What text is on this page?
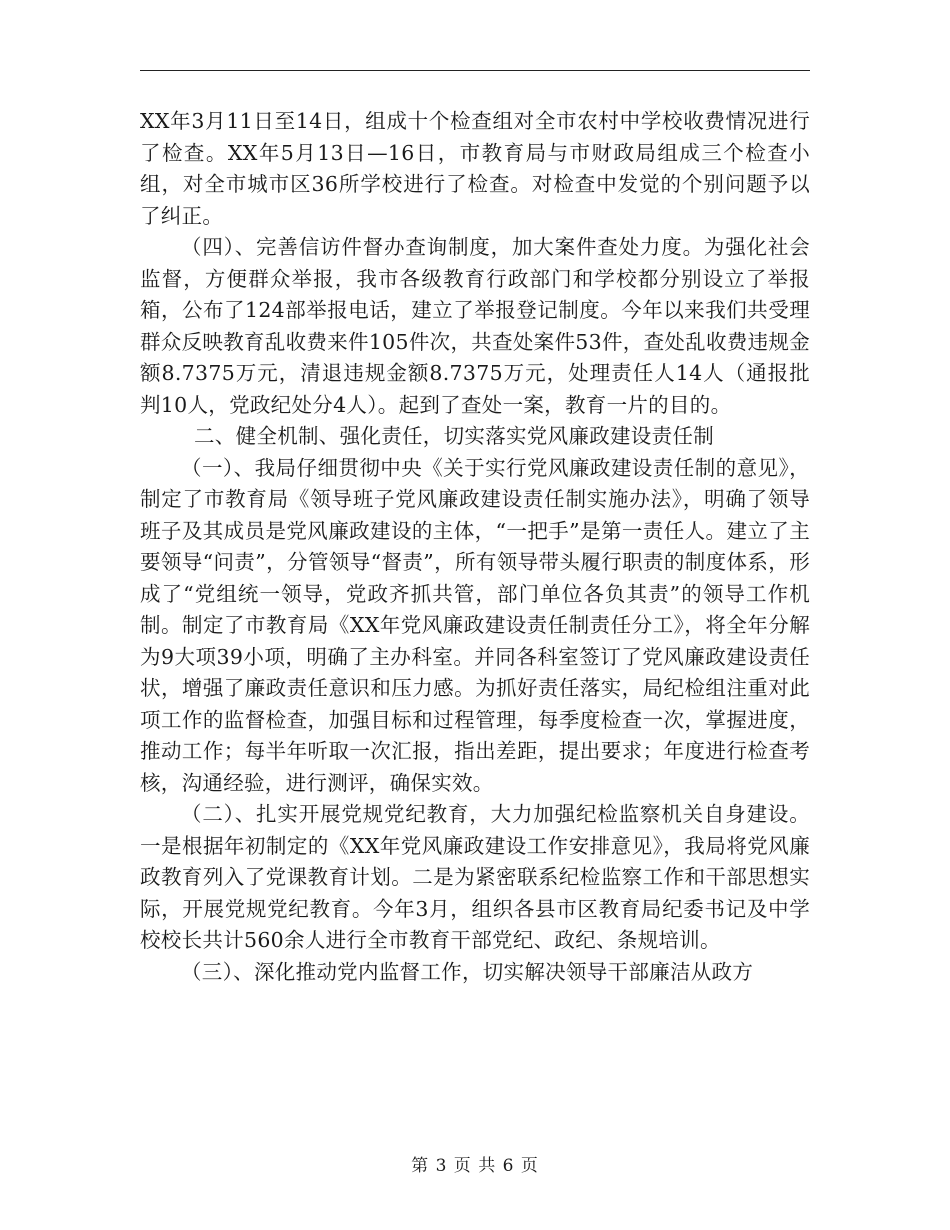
XX年3月11日至14日，组成十个检查组对全市农村中学校收费情况进行了检查。XX年5月13日—16日，市教育局与市财政局组成三个检查小组，对全市城市区36所学校进行了检查。对检查中发觉的个别问题予以了纠正。

（四）、完善信访件督办查询制度，加大案件查处力度。为强化社会监督，方便群众举报，我市各级教育行政部门和学校都分别设立了举报箱，公布了124部举报电话，建立了举报登记制度。今年以来我们共受理群众反映教育乱收费来件105件次，共查处案件53件，查处乱收费违规金额8.7375万元，清退违规金额8.7375万元，处理责任人14人（通报批判10人，党政纪处分4人）。起到了查处一案，教育一片的目的。

二、健全机制、强化责任，切实落实党风廉政建设责任制

（一）、我局仔细贯彻中央《关于实行党风廉政建设责任制的意见》，制定了市教育局《领导班子党风廉政建设责任制实施办法》，明确了领导班子及其成员是党风廉政建设的主体，“一把手”是第一责任人。建立了主要领导“问责”，分管领导“督责”，所有领导带头履行职责的制度体系，形成了“党组统一领导，党政齐抓共管，部门单位各负其责”的领导工作机制。制定了市教育局《XX年党风廉政建设责任制责任分工》，将全年分解为9大项39小项，明确了主办科室。并同各科室签订了党风廉政建设责任状，增强了廉政责任意识和压力感。为抓好责任落实，局纪检组注重对此项工作的监督检查，加强目标和过程管理，每季度检查一次，掌握进度，推动工作；每半年听取一次汇报，指出差距，提出要求；年度进行检查考核，沟通经验，进行测评，确保实效。

（二）、扎实开展党规党纪教育，大力加强纪检监察机关自身建设。一是根据年初制定的《XX年党风廉政建设工作安排意见》，我局将党风廉政教育列入了党课教育计划。二是为紧密联系纪检监察工作和干部思想实际，开展党规党纪教育。今年3月，组织各县市区教育局纪委书记及中学校校长共计560余人进行全市教育干部党纪、政纪、条规培训。

（三）、深化推动党内监督工作，切实解决领导干部廉洁从政方

第 3 页 共 6 页
